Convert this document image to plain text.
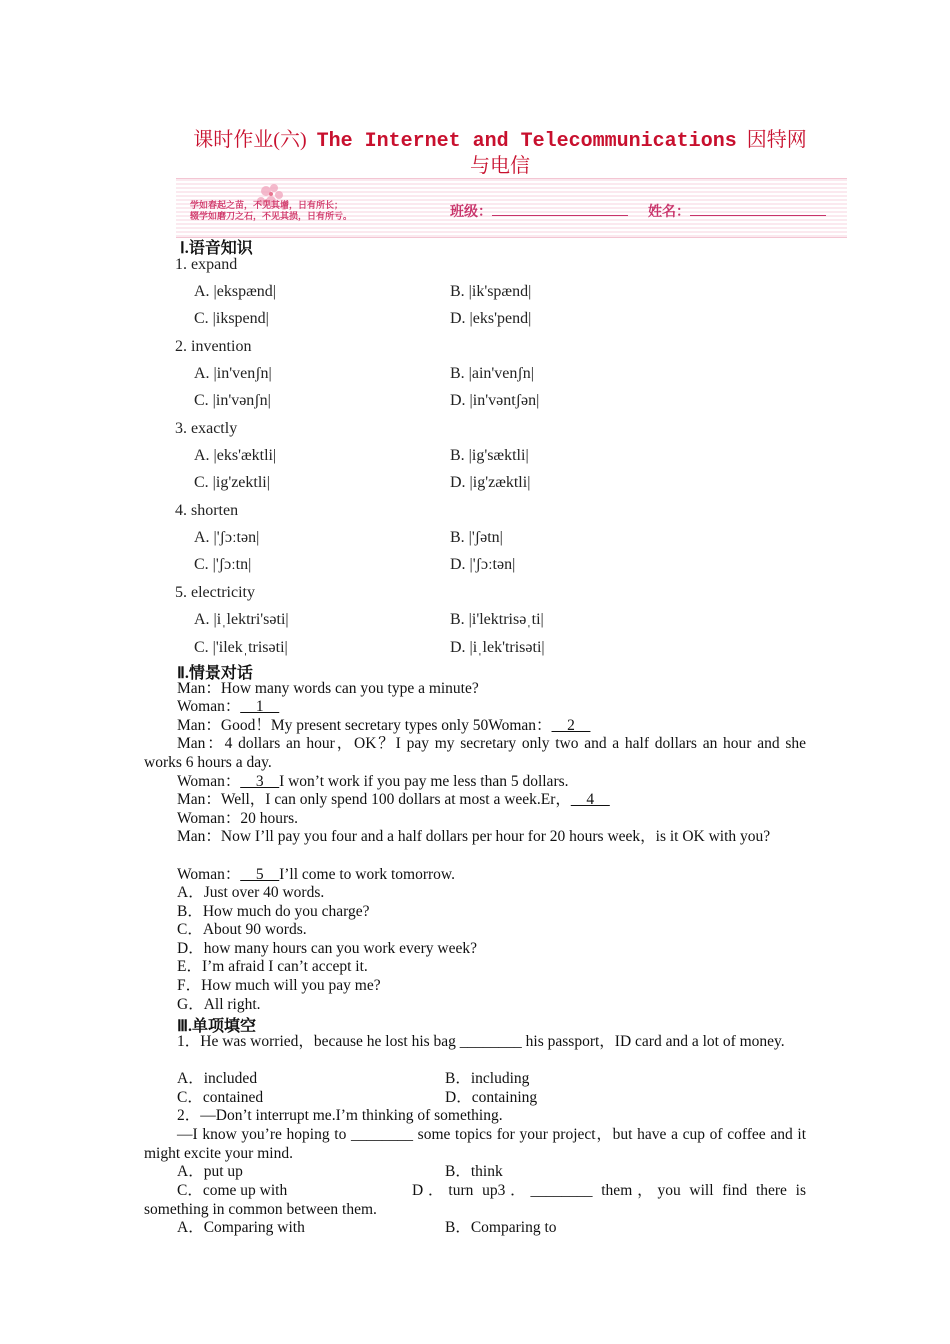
课时作业(六) The Internet and Telecommunications 因特网与电信
学如春起之苗，不见其增，日有所长；
辍学如磨刀之石，不见其损，日有所亏。	班级：	姓名：
Ⅰ.语音知识
1. expand
A. |ekspænd|	B. |ik'spænd|
C. |ikspend|	D. |eks'pend|
2. invention
A. |in'venʃn|	B. |ain'venʃn|
C. |in'vənʃn|	D. |in'vəntʃən|
3. exactly
A. |eks'æktli|	B. |ig'sæktli|
C. |ig'zektli|	D. |ig'zæktli|
4. shorten
A. |'ʃɔːtən|	B. |'ʃətn|
C. |'ʃɔːtn|	D. |'ʃɔːtən|
5. electricity
A. |iˌlektri'səti|	B. |i'lektrisəˌti|
C. |'ilekˌtrisəti|	D. |iˌlek'trisəti|
Ⅱ.情景对话
Man：How many words can you type a minute?
Woman：__1__
Man：Good！My present secretary types only 50Woman：__2__
Man：4 dollars an hour，OK？I pay my secretary only two and a half dollars an hour and she works 6 hours a day.
Woman：__3__I won’t work if you pay me less than 5 dollars.
Man：Well，I can only spend 100 dollars at most a week.Er，__4__
Woman：20 hours.
Man：Now I’ll pay you four and a half dollars per hour for 20 hours week，is it OK with you?
Woman：__5__I’ll come to work tomorrow.
A．Just over 40 words.
B．How much do you charge?
C．About 90 words.
D．how many hours can you work every week?
E．I’m afraid I can’t accept it.
F．How much will you pay me?
G．All right.
Ⅲ.单项填空
1．He was worried，because he lost his bag ________ his passport，ID card and a lot of money.
A．included	B．including
C．contained	D．containing
2．—Don’t interrupt me.I’m thinking of something.
—I know you’re hoping to ________ some topics for your project，but have a cup of coffee and it might excite your mind.
A．put up	B．think
C．come up with	D．turn up3．________ them，you will find there is something in common between them.
A．Comparing with	B．Comparing to
